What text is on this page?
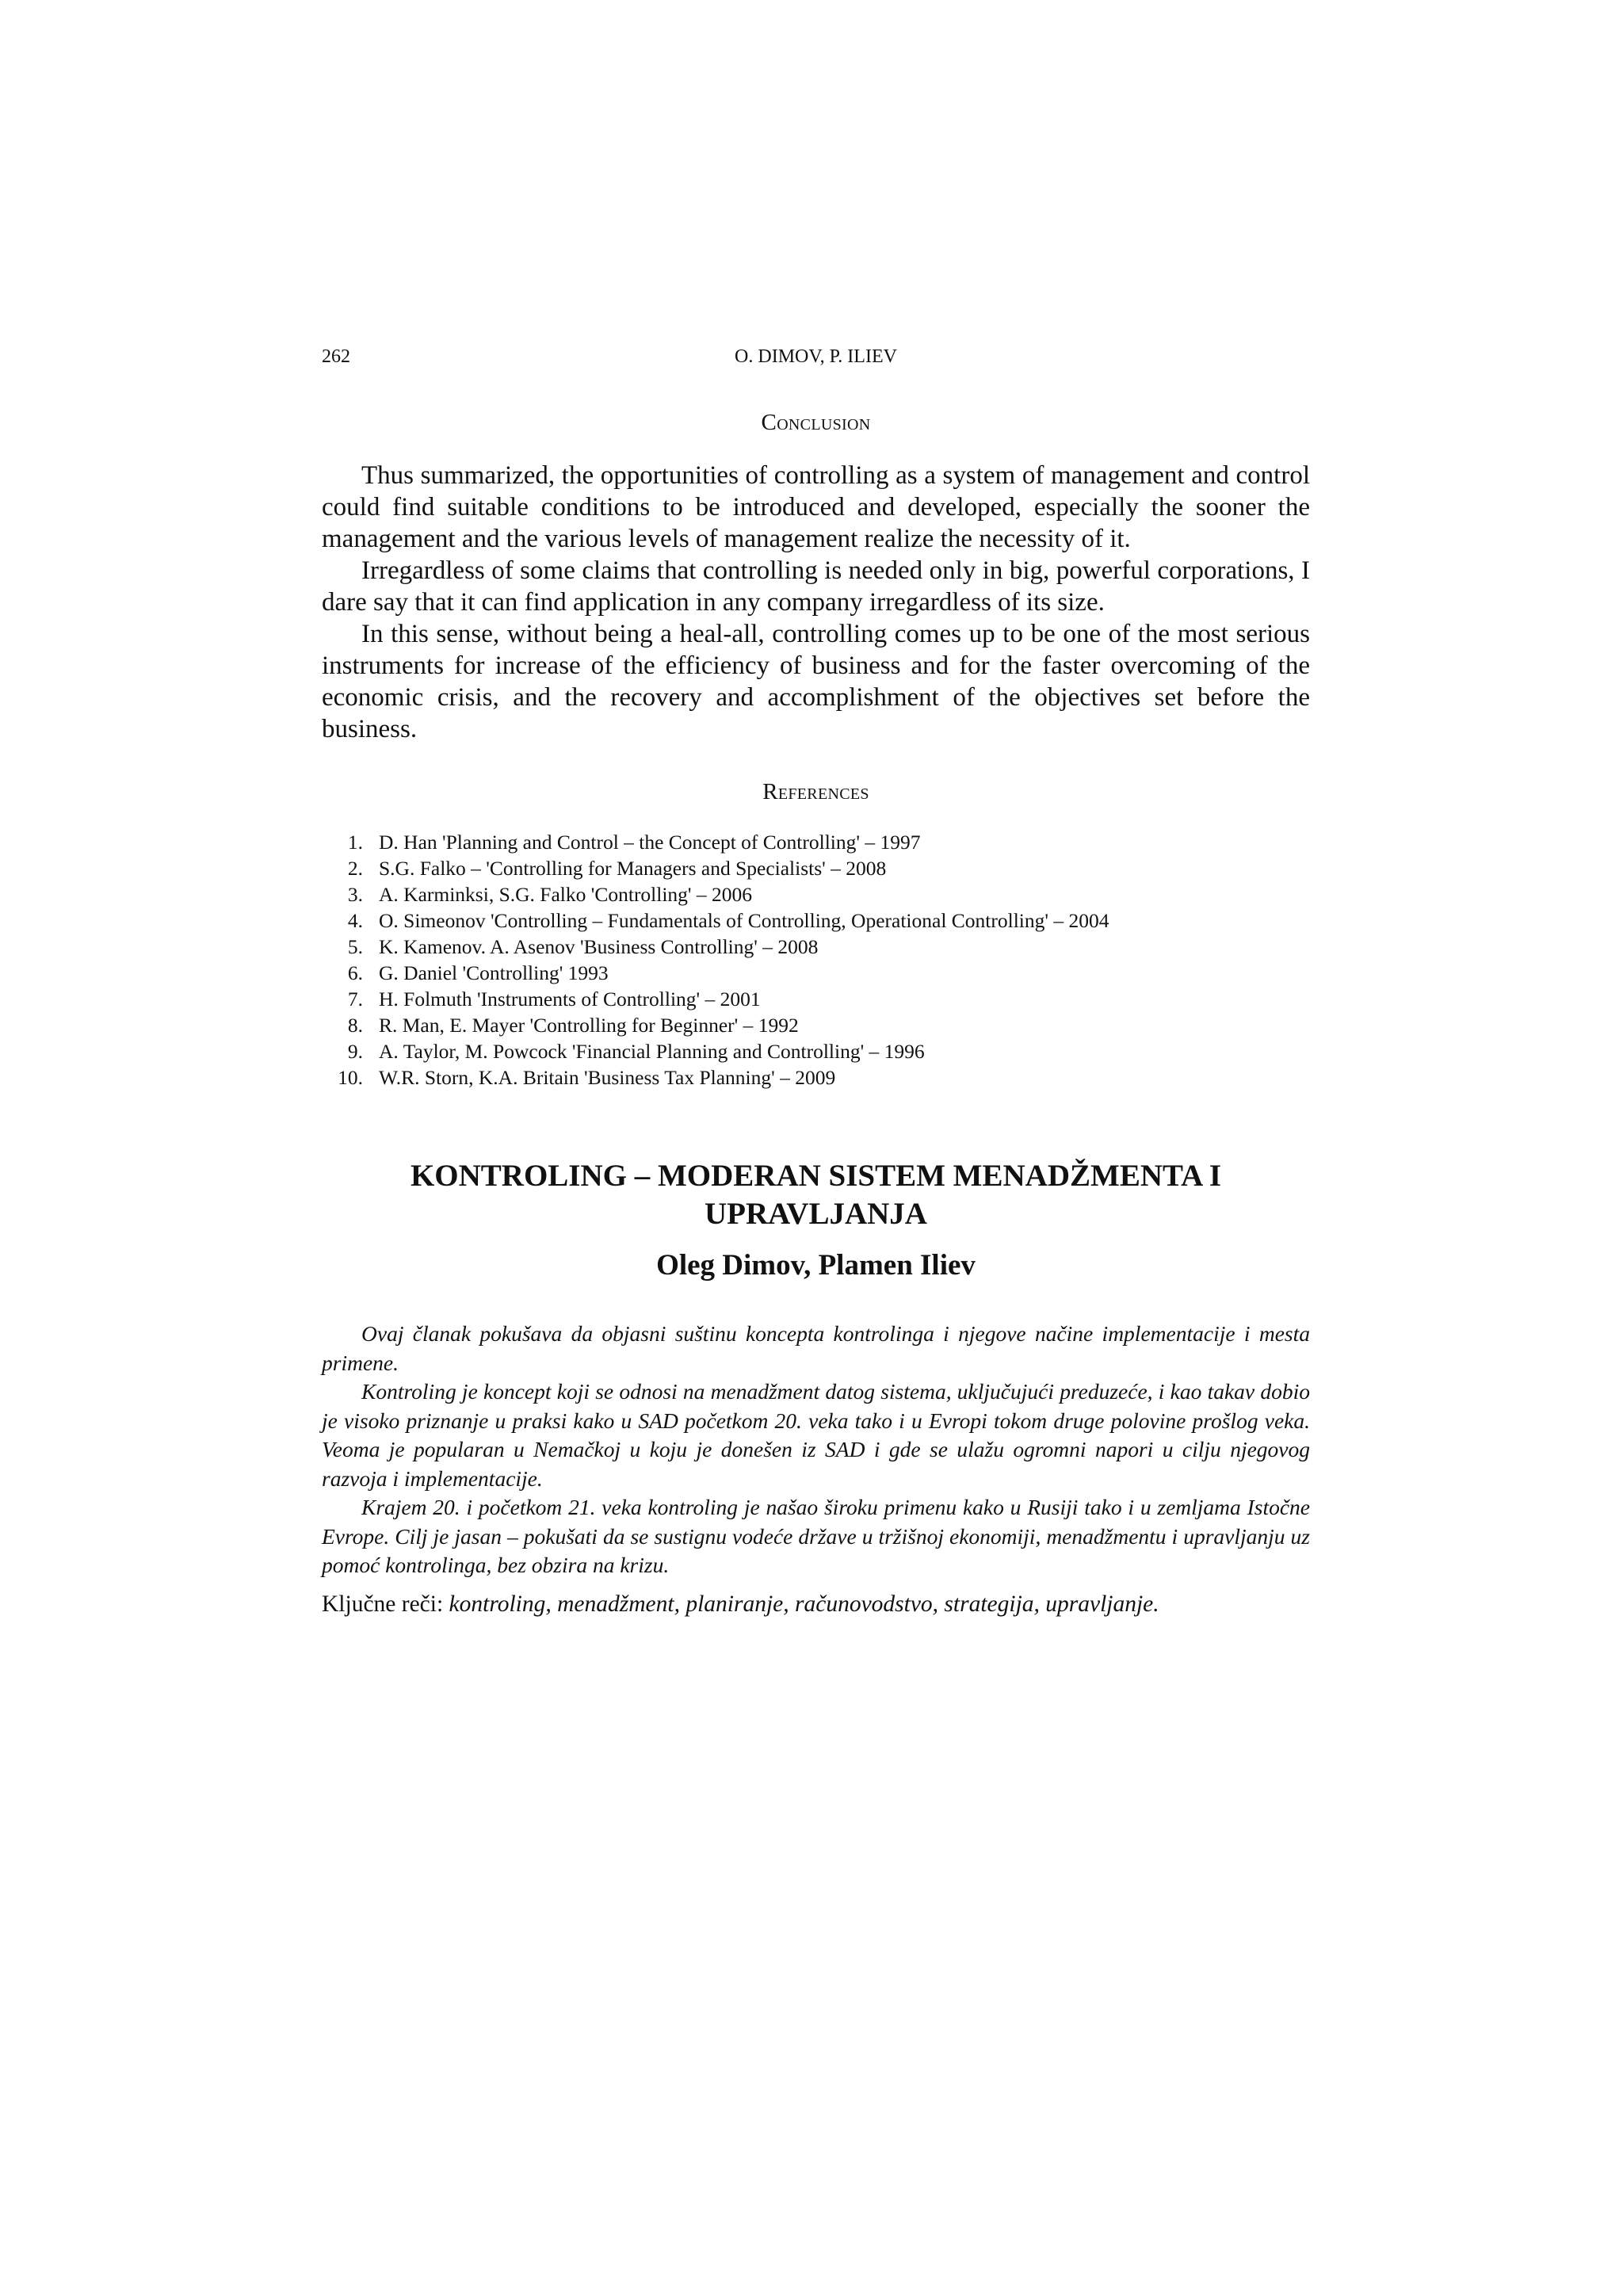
262	O. DIMOV, P. ILIEV
Conclusion

Thus summarized, the opportunities of controlling as a system of management and control could find suitable conditions to be introduced and developed, especially the sooner the management and the various levels of management realize the necessity of it.

Irregardless of some claims that controlling is needed only in big, powerful corporations, I dare say that it can find application in any company irregardless of its size.

In this sense, without being a heal-all, controlling comes up to be one of the most serious instruments for increase of the efficiency of business and for the faster overcoming of the economic crisis, and the recovery and accomplishment of the objectives set before the business.

References
1. D. Han 'Planning and Control – the Concept of Controlling' – 1997
2. S.G. Falko – 'Controlling for Managers and Specialists' – 2008
3. A. Karminksi, S.G. Falko 'Controlling' – 2006
4. O. Simeonov 'Controlling – Fundamentals of Controlling, Operational Controlling' – 2004
5. K. Kamenov. A. Asenov 'Business Controlling' – 2008
6. G. Daniel 'Controlling' 1993
7. H. Folmuth 'Instruments of Controlling' – 2001
8. R. Man, E. Mayer 'Controlling for Beginner' – 1992
9. A. Taylor, M. Powcock 'Financial Planning and Controlling' – 1996
10. W.R. Storn, K.A. Britain 'Business Tax Planning' – 2009
KONTROLING – MODERAN SISTEM MENADŽMENTA I
UPRAVLJANJA
Oleg Dimov, Plamen Iliev

Ovaj članak pokušava da objasni suštinu koncepta kontrolinga i njegove načine implementacije i mesta primene.

Kontroling je koncept koji se odnosi na menadžment datog sistema, uključujući preduzeće, i kao takav dobio je visoko priznanje u praksi kako u SAD početkom 20. veka tako i u Evropi tokom druge polovine prošlog veka. Veoma je popularan u Nemačkoj u koju je donešen iz SAD i gde se ulažu ogromni napori u cilju njegovog razvoja i implementacije.

Krajem 20. i početkom 21. veka kontroling je našao široku primenu kako u Rusiji tako i u zemljama Istočne Evrope. Cilj je jasan – pokušati da se sustignu vodeće države u tržišnoj ekonomiji, menadžmentu i upravljanju uz pomoć kontrolinga, bez obzira na krizu.

Ključne reči: kontroling, menadžment, planiranje, računovodstvo, strategija, upravljanje.
